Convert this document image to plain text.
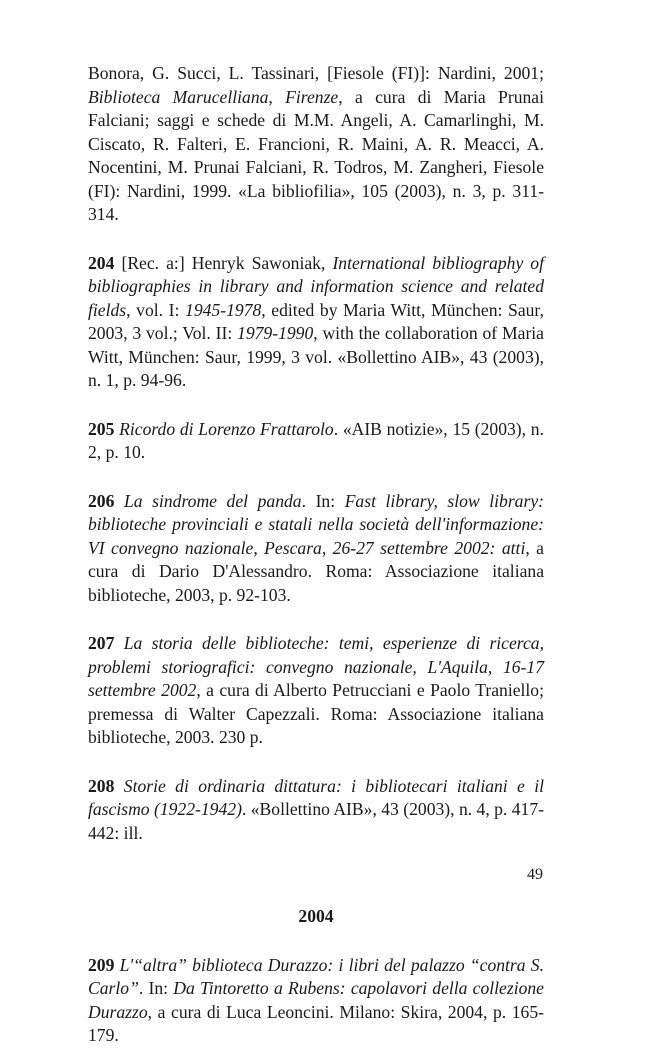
Bonora, G. Succi, L. Tassinari, [Fiesole (FI)]: Nardini, 2001; Biblioteca Marucelliana, Firenze, a cura di Maria Prunai Falciani; saggi e schede di M.M. Angeli, A. Camarlinghi, M. Ciscato, R. Falteri, E. Francioni, R. Maini, A. R. Meacci, A. Nocentini, M. Prunai Falciani, R. Todros, M. Zangheri, Fiesole (FI): Nardini, 1999. «La bibliofilia», 105 (2003), n. 3, p. 311-314.

204 [Rec. a:] Henryk Sawoniak, International bibliography of bibliographies in library and information science and related fields, vol. I: 1945-1978, edited by Maria Witt, München: Saur, 2003, 3 vol.; Vol. II: 1979-1990, with the collaboration of Maria Witt, München: Saur, 1999, 3 vol. «Bollettino AIB», 43 (2003), n. 1, p. 94-96.

205 Ricordo di Lorenzo Frattarolo. «AIB notizie», 15 (2003), n. 2, p. 10.

206 La sindrome del panda. In: Fast library, slow library: biblioteche provinciali e statali nella società dell'informazione: VI convegno nazionale, Pescara, 26-27 settembre 2002: atti, a cura di Dario D'Alessandro. Roma: Associazione italiana biblioteche, 2003, p. 92-103.

207 La storia delle biblioteche: temi, esperienze di ricerca, problemi storiografici: convegno nazionale, L'Aquila, 16-17 settembre 2002, a cura di Alberto Petrucciani e Paolo Traniello; premessa di Walter Capezzali. Roma: Associazione italiana biblioteche, 2003. 230 p.

208 Storie di ordinaria dittatura: i bibliotecari italiani e il fascismo (1922-1942). «Bollettino AIB», 43 (2003), n. 4, p. 417-442: ill.

2004

209 L'“altra” biblioteca Durazzo: i libri del palazzo “contra S. Carlo”. In: Da Tintoretto a Rubens: capolavori della collezione Durazzo, a cura di Luca Leoncini. Milano: Skira, 2004, p. 165-179.

49
